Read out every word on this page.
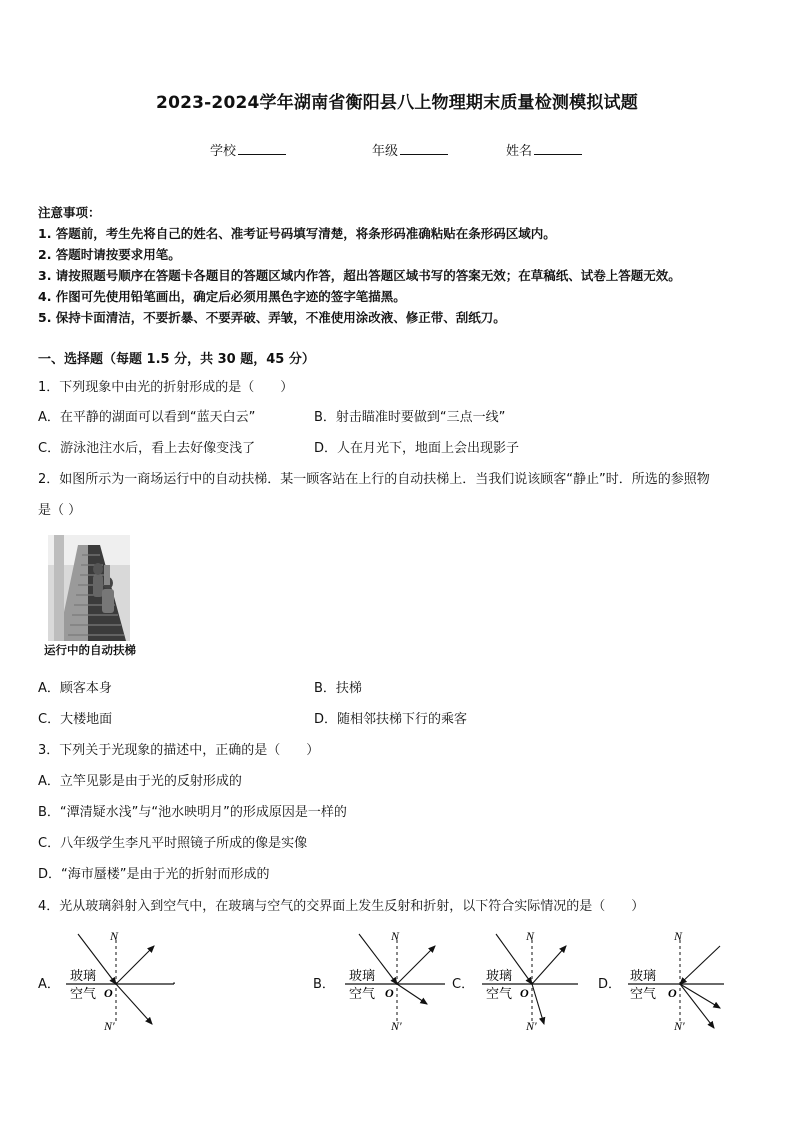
2023-2024学年湖南省衡阳县八上物理期末质量检测模拟试题
学校	年级	姓名
注意事项：
1. 答题前，考生先将自己的姓名、准考证号码填写清楚，将条形码准确粘贴在条形码区域内。
2. 答题时请按要求用笔。
3. 请按照题号顺序在答题卡各题目的答题区域内作答，超出答题区域书写的答案无效；在草稿纸、试卷上答题无效。
4. 作图可先使用铅笔画出，确定后必须用黑色字迹的签字笔描黑。
5. 保持卡面清洁，不要折暴、不要弄破、弄皱，不准使用涂改液、修正带、刮纸刀。
一、选择题（每题 1.5 分，共 30 题，45 分）
1．下列现象中由光的折射形成的是（　　）
A．在平静的湖面可以看到“蓝天白云”	B．射击瞄准时要做到“三点一线”
C．游泳池注水后，看上去好像变浅了	D．人在月光下，地面上会出现影子
2．如图所示为一商场运行中的自动扶梯．某一顾客站在上行的自动扶梯上．当我们说该顾客“静止”时．所选的参照物
是（ ）
运行中的自动扶梯
A．顾客本身	B．扶梯
C．大楼地面	D．随相邻扶梯下行的乘客
3．下列关于光现象的描述中，正确的是（　　）
A．立竿见影是由于光的反射形成的
B．“潭清疑水浅”与“池水映明月”的形成原因是一样的
C．八年级学生李凡平时照镜子所成的像是实像
D．“海市蜃楼”是由于光的折射而形成的
4．光从玻璃斜射入到空气中，在玻璃与空气的交界面上发生反射和折射，以下符合实际情况的是（　　）
A．
N
N′
O
玻璃
空气
.	B．
N
N′
O
玻璃
空气
C．
N
N′
O
玻璃
空气
D．
N
N′
O
玻璃
空气
